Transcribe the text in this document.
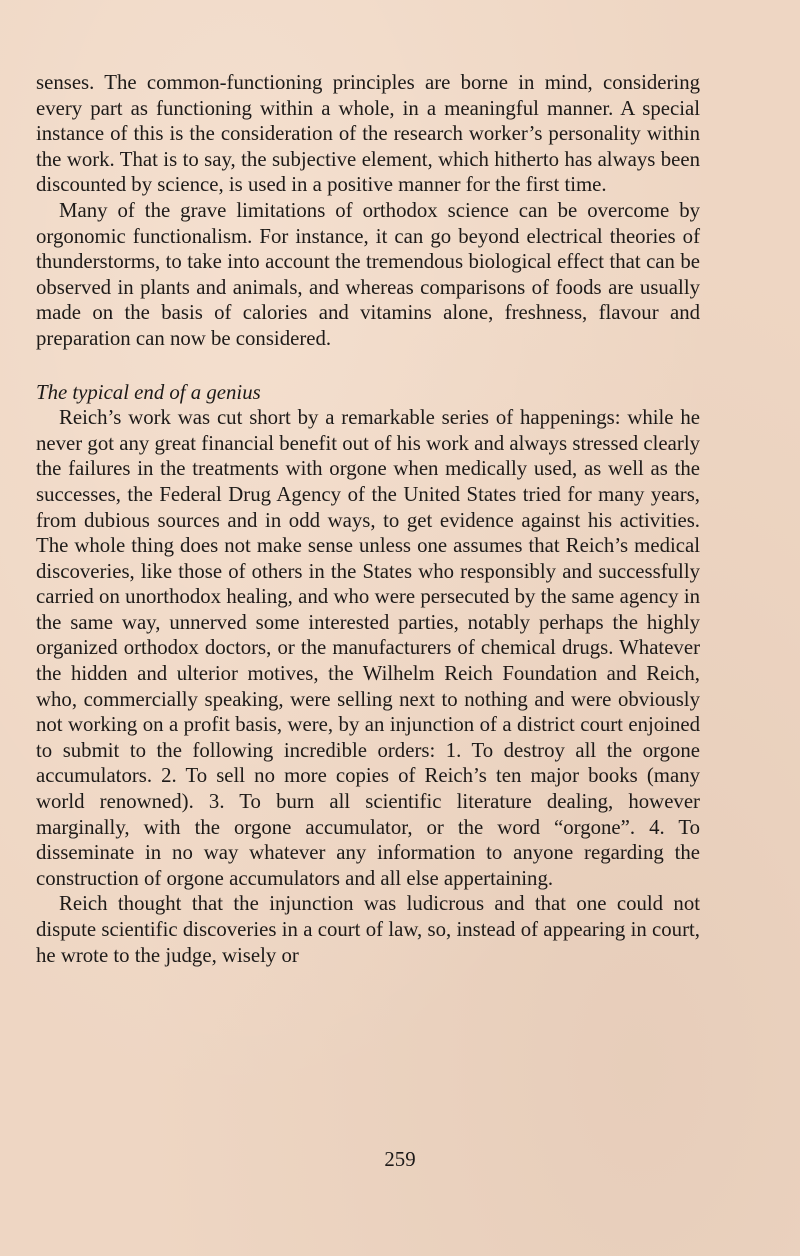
senses. The common-functioning principles are borne in mind, considering every part as functioning within a whole, in a meaningful manner. A special instance of this is the consideration of the research worker’s personality within the work. That is to say, the subjective element, which hitherto has always been discounted by science, is used in a positive manner for the first time.

Many of the grave limitations of orthodox science can be overcome by orgonomic functionalism. For instance, it can go beyond electrical theories of thunderstorms, to take into account the tremendous biological effect that can be observed in plants and animals, and whereas comparisons of foods are usually made on the basis of calories and vitamins alone, freshness, flavour and preparation can now be considered.

The typical end of a genius

Reich’s work was cut short by a remarkable series of happenings: while he never got any great financial benefit out of his work and always stressed clearly the failures in the treatments with orgone when medically used, as well as the successes, the Federal Drug Agency of the United States tried for many years, from dubious sources and in odd ways, to get evidence against his activities. The whole thing does not make sense unless one assumes that Reich’s medical discoveries, like those of others in the States who responsibly and successfully carried on unorthodox healing, and who were persecuted by the same agency in the same way, unnerved some interested parties, notably perhaps the highly organized orthodox doctors, or the manufacturers of chemical drugs. Whatever the hidden and ulterior motives, the Wilhelm Reich Foundation and Reich, who, commercially speaking, were selling next to nothing and were obviously not working on a profit basis, were, by an injunction of a district court enjoined to submit to the following incredible orders: 1. To destroy all the orgone accumulators. 2. To sell no more copies of Reich’s ten major books (many world renowned). 3. To burn all scientific literature dealing, however marginally, with the orgone accumulator, or the word “orgone”. 4. To disseminate in no way whatever any information to anyone regarding the construction of orgone accumulators and all else appertaining.

Reich thought that the injunction was ludicrous and that one could not dispute scientific discoveries in a court of law, so, instead of appearing in court, he wrote to the judge, wisely or

259
